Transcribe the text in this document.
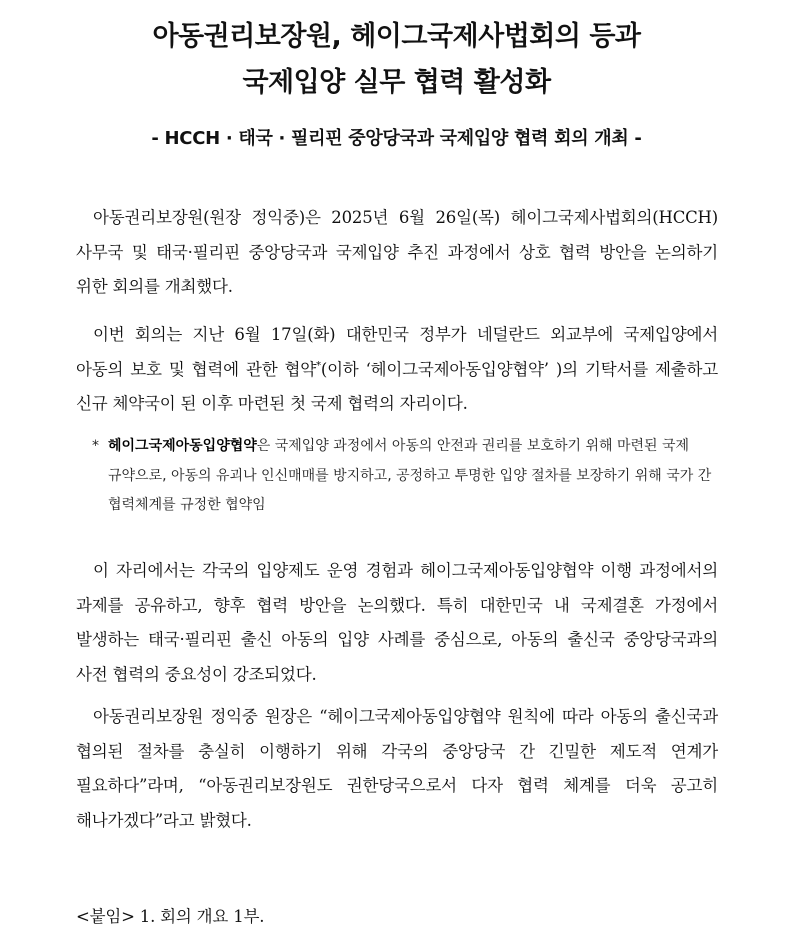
아동권리보장원, 헤이그국제사법회의 등과
국제입양 실무 협력 활성화
- HCCH · 태국 · 필리핀 중앙당국과 국제입양 협력 회의 개최 -

아동권리보장원(원장 정익중)은 2025년 6월 26일(목) 헤이그국제사법회의(HCCH) 사무국 및 태국·필리핀 중앙당국과 국제입양 추진 과정에서 상호 협력 방안을 논의하기 위한 회의를 개최했다.

이번 회의는 지난 6월 17일(화) 대한민국 정부가 네덜란드 외교부에 국제입양에서 아동의 보호 및 협력에 관한 협약*(이하 ‘헤이그국제아동입양협약’ )의 기탁서를 제출하고 신규 체약국이 된 이후 마련된 첫 국제 협력의 자리이다.

* 헤이그국제아동입양협약은 국제입양 과정에서 아동의 안전과 권리를 보호하기 위해 마련된 국제 규약으로, 아동의 유괴나 인신매매를 방지하고, 공정하고 투명한 입양 절차를 보장하기 위해 국가 간 협력체계를 규정한 협약임

이 자리에서는 각국의 입양제도 운영 경험과 헤이그국제아동입양협약 이행 과정에서의 과제를 공유하고, 향후 협력 방안을 논의했다. 특히 대한민국 내 국제결혼 가정에서 발생하는 태국·필리핀 출신 아동의 입양 사례를 중심으로, 아동의 출신국 중앙당국과의 사전 협력의 중요성이 강조되었다.

아동권리보장원 정익중 원장은 “헤이그국제아동입양협약 원칙에 따라 아동의 출신국과 협의된 절차를 충실히 이행하기 위해 각국의 중앙당국 간 긴밀한 제도적 연계가 필요하다”라며, “아동권리보장원도 권한당국으로서 다자 협력 체계를 더욱 공고히 해나가겠다”라고 밝혔다.

<붙임> 1. 회의 개요 1부.
